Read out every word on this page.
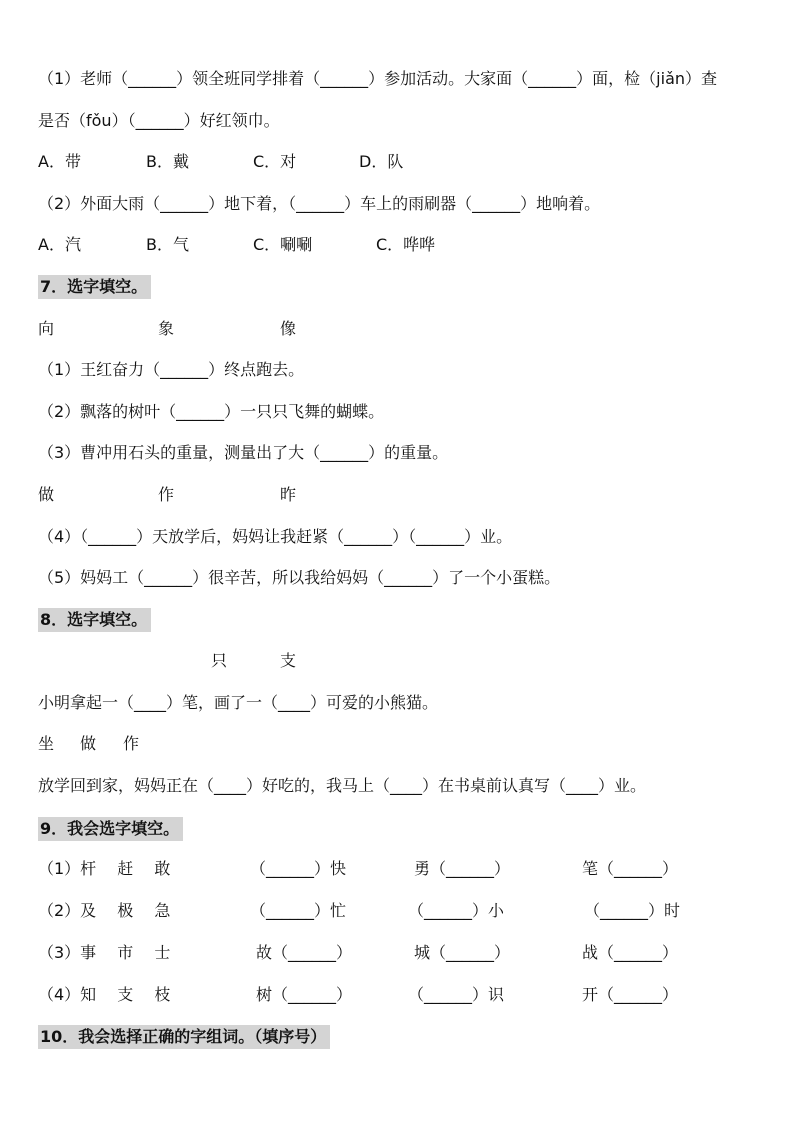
（1）老师（______）领全班同学排着（______）参加活动。大家面（______）面，检（jiǎn）查
是否（fǒu）（______）好红领巾。
A．带	B．戴	C．对	D．队
（2）外面大雨（______）地下着，（______）车上的雨刷器（______）地响着。
A．汽	B．气	C．唰唰	C．哗哗
7．选字填空。
向	象	像
（1）王红奋力（______）终点跑去。
（2）飘落的树叶（______）一只只飞舞的蝴蝶。
（3）曹冲用石头的重量，测量出了大（______）的重量。
做	作	昨
（4）（______）天放学后，妈妈让我赶紧（______）（______）业。
（5）妈妈工（______）很辛苦，所以我给妈妈（______）了一个小蛋糕。
8．选字填空。
只	支
小明拿起一（____）笔，画了一（____）可爱的小熊猫。
坐 做 作
放学回到家，妈妈正在（____）好吃的，我马上（____）在书桌前认真写（____）业。
9．我会选字填空。
（1）杆　 赶　 敢	（______）快	勇（______）	笔（______）
（2）及　 极　 急	（______）忙	（______）小	（______）时
（3）事　 市　 士	故（______）	城（______）	战（______）
（4）知　 支　 枝	树（______）	（______）识	开（______）
10．我会选择正确的字组词。（填序号）
